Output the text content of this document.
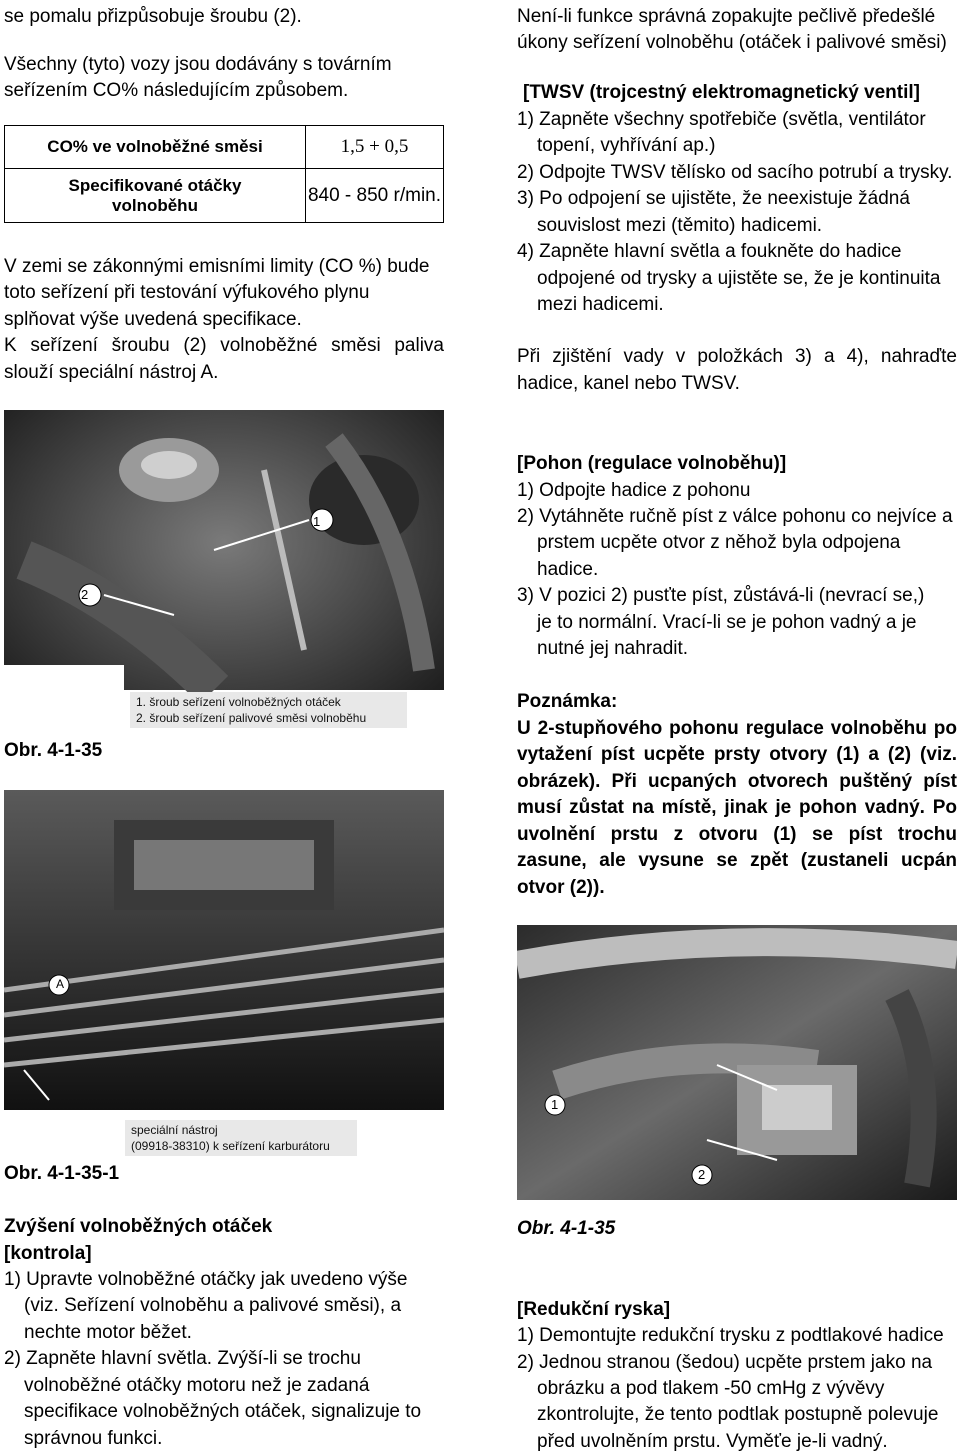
se pomalu přizpůsobuje šroubu (2).
Všechny (tyto) vozy jsou dodávány s továrním
seřízením CO% následujícím způsobem.
CO% ve volnoběžné směsi	1,5 + 0,5

Specifikované otáčky
volnoběhu	840 - 850 r/min.
V zemi se zákonnými emisními limity (CO %) bude
toto seřízení při testování výfukového plynu
splňovat výše uvedená specifikace.
K seřízení šroubu (2) volnoběžné směsi paliva
slouží speciální nástroj A.
1
2
1. šroub seřízení volnoběžných otáček
2. šroub seřízení palivové směsi volnoběhu
Obr. 4-1-35
A
speciální nástroj
(09918-38310) k seřízení karburátoru
Obr. 4-1-35-1
Zvýšení volnoběžných otáček
[kontrola]
1) Upravte volnoběžné otáčky jak uvedeno výše
(viz. Seřízení volnoběhu a palivové směsi), a
nechte motor běžet.
2) Zapněte hlavní světla. Zvýší-li se trochu
volnoběžné otáčky motoru než je zadaná
specifikace volnoběžných otáček, signalizuje to
správnou funkci.
Není-li funkce správná zopakujte pečlivě předešlé
úkony seřízení volnoběhu (otáček i palivové směsi)
[TWSV (trojcestný elektromagnetický ventil]
1) Zapněte všechny spotřebiče (světla, ventilátor
topení, vyhřívání ap.)
2) Odpojte TWSV tělísko od sacího potrubí a trysky.
3) Po odpojení se ujistěte, že neexistuje žádná
souvislost mezi (těmito) hadicemi.
4) Zapněte hlavní světla a foukněte do hadice
odpojené od trysky a ujistěte se, že je kontinuita
mezi hadicemi.
Při zjištění vady v položkách 3) a 4), nahraďte
hadice, kanel nebo TWSV.
[Pohon (regulace volnoběhu)]
1) Odpojte hadice z pohonu
2) Vytáhněte ručně píst z válce pohonu co nejvíce a
prstem ucpěte otvor z něhož byla odpojena
hadice.
3) V pozici 2) pusťte píst, zůstává-li (nevrací se,)
je to normální. Vrací-li se je pohon vadný a je
nutné jej nahradit.
Poznámka:
U 2-stupňového pohonu regulace volnoběhu po
vytažení píst ucpěte prsty otvory (1) a (2) (viz.
obrázek). Při ucpaných otvorech puštěný píst
musí zůstat na místě, jinak je pohon vadný. Po
uvolnění prstu z otvoru (1) se píst trochu
zasune, ale vysune se zpět (zustaneli ucpán
otvor (2)).
1
2
Obr. 4-1-35
[Redukční ryska]
1) Demontujte redukční trysku z podtlakové hadice
2) Jednou stranou (šedou) ucpěte prstem jako na
obrázku a pod tlakem -50 cmHg z vývěvy
zkontrolujte, že tento podtlak postupně polevuje
před uvolněním prstu. Vyměťe je-li vadný.
